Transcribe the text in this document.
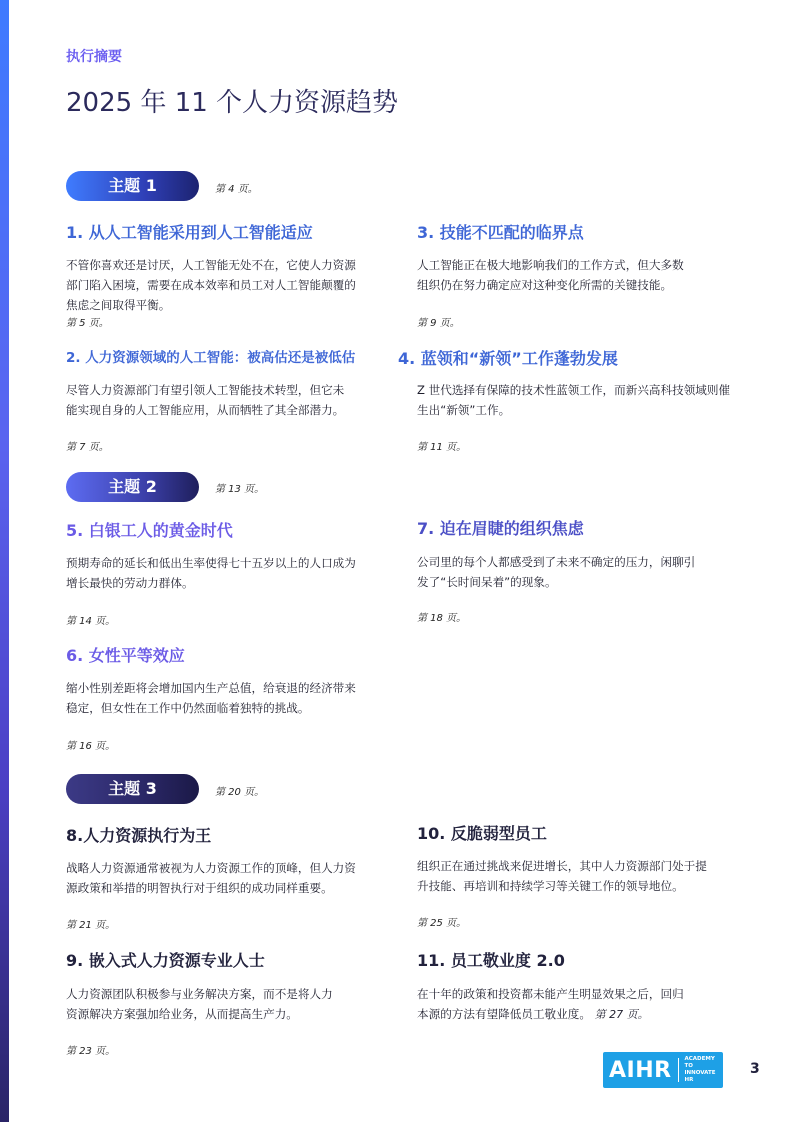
执行摘要
2025 年 11 个人力资源趋势
主题 1	第 4 页。
1. 从人工智能采用到人工智能适应
不管你喜欢还是讨厌，人工智能无处不在，它使人力资源
部门陷入困境，需要在成本效率和员工对人工智能颠覆的
焦虑之间取得平衡。
第 5 页。
2. 人力资源领域的人工智能：被高估还是被低估
尽管人力资源部门有望引领人工智能技术转型，但它未
能实现自身的人工智能应用，从而牺牲了其全部潜力。
第 7 页。
3. 技能不匹配的临界点
人工智能正在极大地影响我们的工作方式，但大多数
组织仍在努力确定应对这种变化所需的关键技能。
第 9 页。
4. 蓝领和“新领”工作蓬勃发展
Z 世代选择有保障的技术性蓝领工作，而新兴高科技领域则催
生出“新领”工作。
第 11 页。
主题 2	第 13 页。
5. 白银工人的黄金时代
预期寿命的延长和低出生率使得七十五岁以上的人口成为
增长最快的劳动力群体。
第 14 页。
6. 女性平等效应
缩小性别差距将会增加国内生产总值，给衰退的经济带来
稳定，但女性在工作中仍然面临着独特的挑战。
第 16 页。
7. 迫在眉睫的组织焦虑
公司里的每个人都感受到了未来不确定的压力，闲聊引
发了“长时间呆着”的现象。
第 18 页。
主题 3	第 20 页。
8.人力资源执行为王
战略人力资源通常被视为人力资源工作的顶峰，但人力资
源政策和举措的明智执行对于组织的成功同样重要。
第 21 页。
9. 嵌入式人力资源专业人士
人力资源团队积极参与业务解决方案，而不是将人力
资源解决方案强加给业务，从而提高生产力。
第 23 页。
10. 反脆弱型员工
组织正在通过挑战来促进增长，其中人力资源部门处于提
升技能、再培训和持续学习等关键工作的领导地位。
第 25 页。
11. 员工敬业度 2.0
在十年的政策和投资都未能产生明显效果之后，回归
本源的方法有望降低员工敬业度。 第 27 页。
AIHR ACADEMY TO
INNOVATE HR
3
